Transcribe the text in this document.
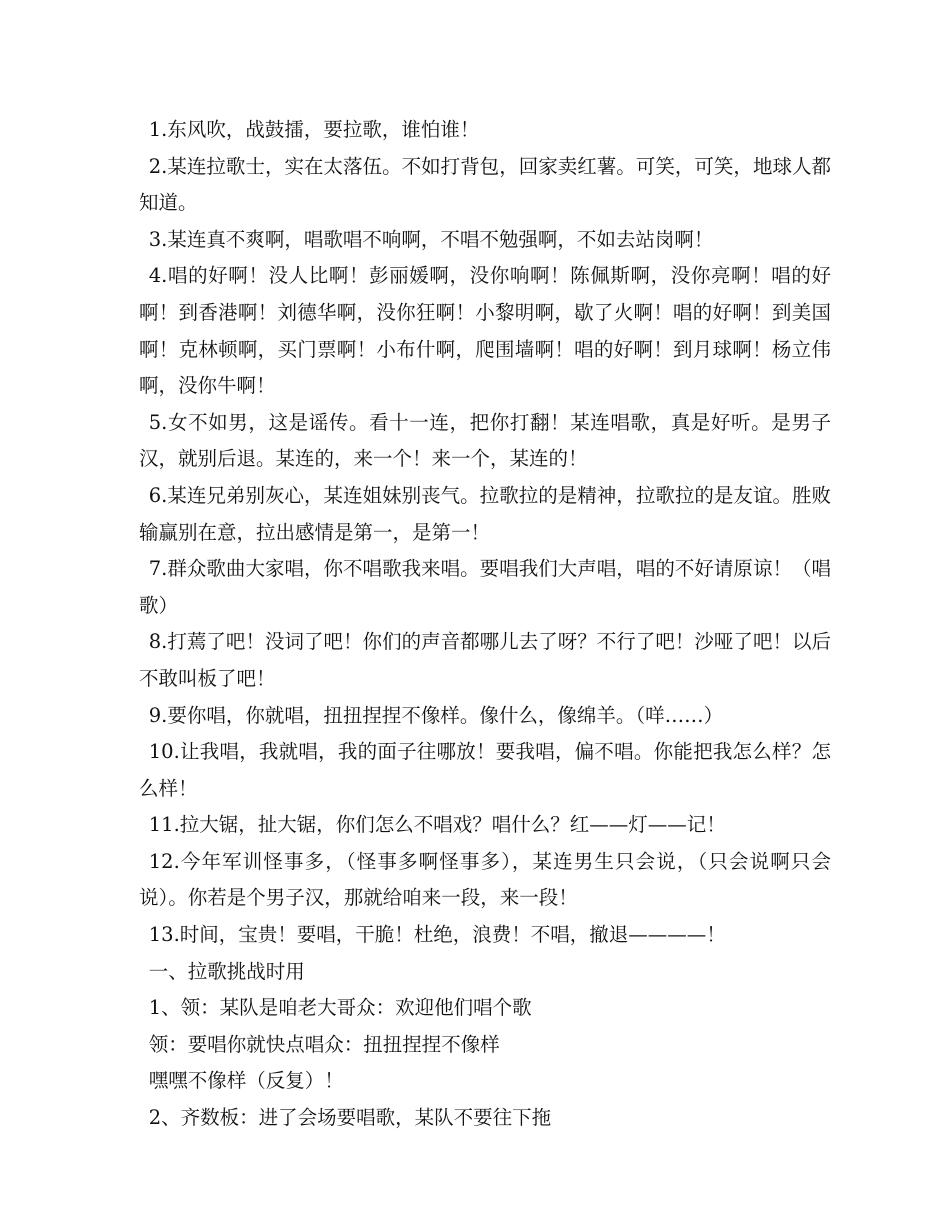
1.东风吹，战鼓擂，要拉歌，谁怕谁！

2.某连拉歌士，实在太落伍。不如打背包，回家卖红薯。可笑，可笑，地球人都知道。

3.某连真不爽啊，唱歌唱不响啊，不唱不勉强啊，不如去站岗啊！

4.唱的好啊！没人比啊！彭丽媛啊，没你响啊！陈佩斯啊，没你亮啊！唱的好啊！到香港啊！刘德华啊，没你狂啊！小黎明啊，歇了火啊！唱的好啊！到美国啊！克林顿啊，买门票啊！小布什啊，爬围墙啊！唱的好啊！到月球啊！杨立伟啊，没你牛啊！

5.女不如男，这是谣传。看十一连，把你打翻！某连唱歌，真是好听。是男子汉，就别后退。某连的，来一个！来一个，某连的！

6.某连兄弟别灰心，某连姐妹别丧气。拉歌拉的是精神，拉歌拉的是友谊。胜败输赢别在意，拉出感情是第一，是第一！

7.群众歌曲大家唱，你不唱歌我来唱。要唱我们大声唱，唱的不好请原谅！（唱歌）

8.打蔫了吧！没词了吧！你们的声音都哪儿去了呀？不行了吧！沙哑了吧！以后不敢叫板了吧！

9.要你唱，你就唱，扭扭捏捏不像样。像什么，像绵羊。（咩……）

10.让我唱，我就唱，我的面子往哪放！要我唱，偏不唱。你能把我怎么样？怎么样！

11.拉大锯，扯大锯，你们怎么不唱戏？唱什么？红——灯——记！

12.今年军训怪事多，（怪事多啊怪事多），某连男生只会说，（只会说啊只会说）。你若是个男子汉，那就给咱来一段，来一段！

13.时间，宝贵！要唱，干脆！杜绝，浪费！不唱，撤退————！

一、拉歌挑战时用

1、领：某队是咱老大哥众：欢迎他们唱个歌

领：要唱你就快点唱众：扭扭捏捏不像样

嘿嘿不像样（反复）！

2、齐数板：进了会场要唱歌，某队不要往下拖
